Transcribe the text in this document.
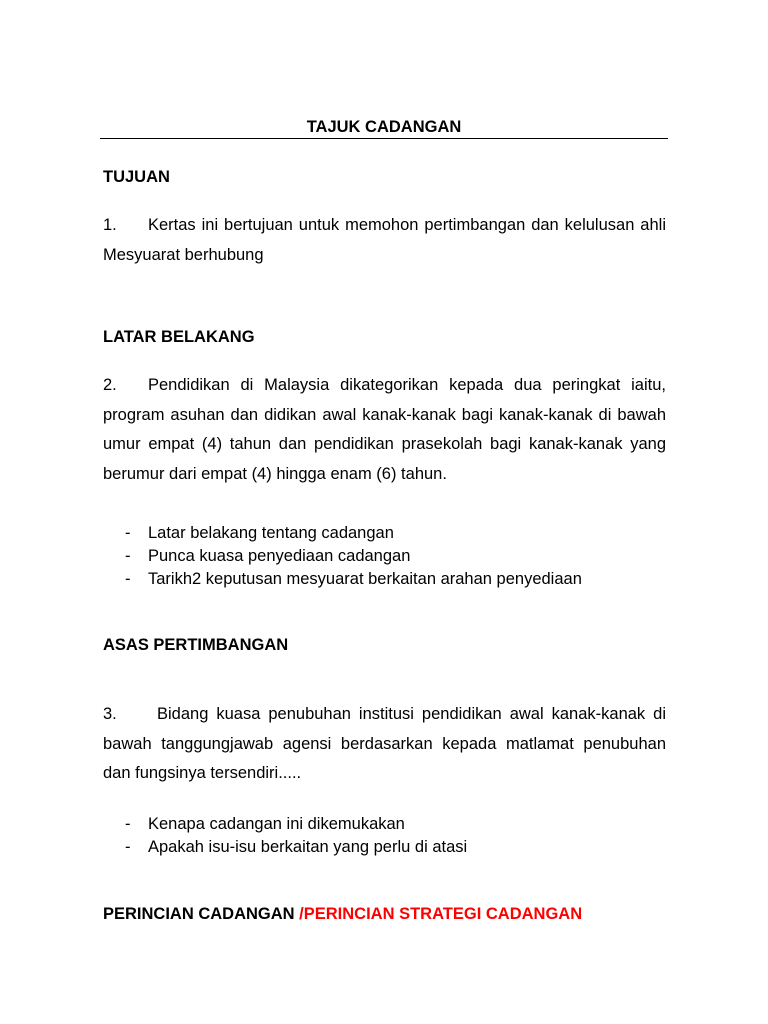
TAJUK CADANGAN
TUJUAN
1. Kertas ini bertujuan untuk memohon pertimbangan dan kelulusan ahli Mesyuarat berhubung
LATAR BELAKANG
2. Pendidikan di Malaysia dikategorikan kepada dua peringkat iaitu, program asuhan dan didikan awal kanak-kanak bagi kanak-kanak di bawah umur empat (4) tahun dan pendidikan prasekolah bagi kanak-kanak yang berumur dari empat (4) hingga enam (6) tahun.
- Latar belakang tentang cadangan
- Punca kuasa penyediaan cadangan
- Tarikh2 keputusan mesyuarat berkaitan arahan penyediaan
ASAS PERTIMBANGAN
3. Bidang kuasa penubuhan institusi pendidikan awal kanak-kanak di bawah tanggungjawab agensi berdasarkan kepada matlamat penubuhan dan fungsinya tersendiri.....
- Kenapa cadangan ini dikemukakan
- Apakah isu-isu berkaitan yang perlu di atasi
PERINCIAN CADANGAN /PERINCIAN STRATEGI CADANGAN
